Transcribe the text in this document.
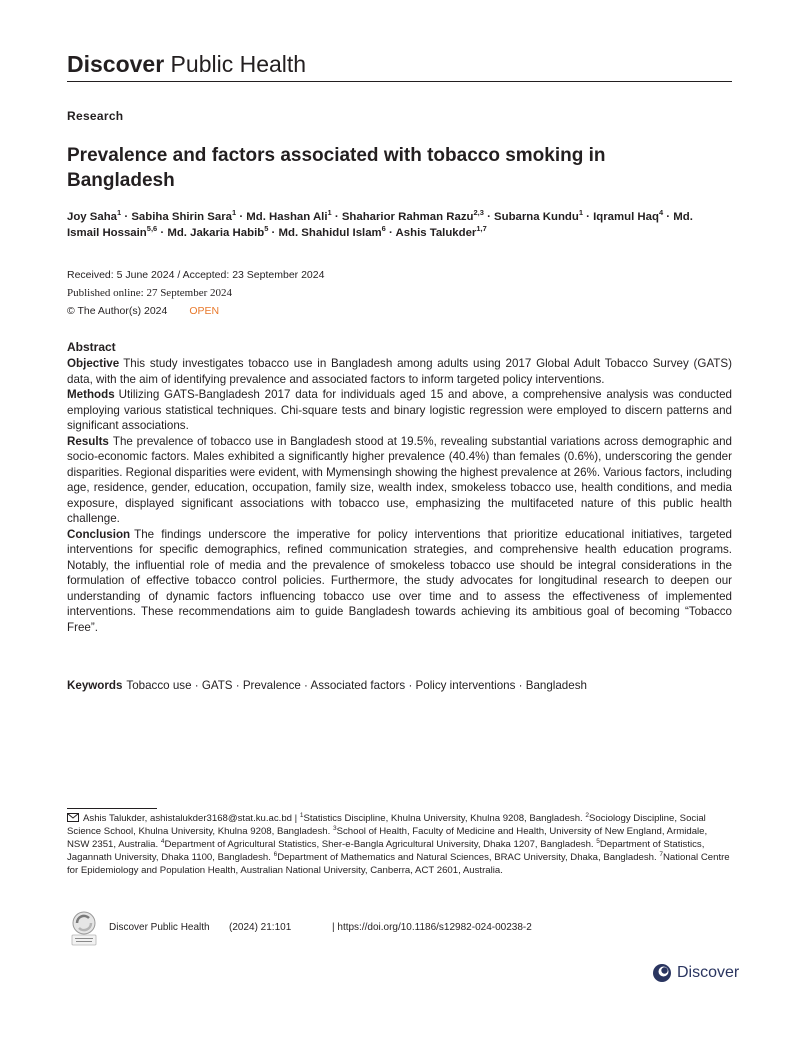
Discover Public Health
Research
Prevalence and factors associated with tobacco smoking in Bangladesh
Joy Saha$^1$ · Sabiha Shirin Sara$^1$ · Md. Hashan Ali$^1$ · Shaharior Rahman Razu$^{2,3}$ · Subarna Kundu$^1$ · Iqramul Haq$^4$ · Md. Ismail Hossain$^{5,6}$ · Md. Jakaria Habib$^5$ · Md. Shahidul Islam$^6$ · Ashis Talukder$^{1,7}$
Received: 5 June 2024 / Accepted: 23 September 2024
Published online: 27 September 2024
© The Author(s) 2024 OPEN
Abstract

Objective This study investigates tobacco use in Bangladesh among adults using 2017 Global Adult Tobacco Survey (GATS) data, with the aim of identifying prevalence and associated factors to inform targeted policy interventions.

Methods Utilizing GATS-Bangladesh 2017 data for individuals aged 15 and above, a comprehensive analysis was conducted employing various statistical techniques. Chi-square tests and binary logistic regression were employed to discern patterns and significant associations.

Results The prevalence of tobacco use in Bangladesh stood at 19.5%, revealing substantial variations across demographic and socio-economic factors. Males exhibited a significantly higher prevalence (40.4%) than females (0.6%), underscoring the gender disparities. Regional disparities were evident, with Mymensingh showing the highest prevalence at 26%. Various factors, including age, residence, gender, education, occupation, family size, wealth index, smokeless tobacco use, health conditions, and media exposure, displayed significant associations with tobacco use, emphasizing the multifaceted nature of this public health challenge.

Conclusion The findings underscore the imperative for policy interventions that prioritize educational initiatives, targeted interventions for specific demographics, refined communication strategies, and comprehensive health education programs. Notably, the influential role of media and the prevalence of smokeless tobacco use should be integral considerations in the formulation of effective tobacco control policies. Furthermore, the study advocates for longitudinal research to deepen our understanding of dynamic factors influencing tobacco use over time and to assess the effectiveness of implemented interventions. These recommendations aim to guide Bangladesh towards achieving its ambitious goal of becoming “Tobacco Free”.

Keywords Tobacco use · GATS · Prevalence · Associated factors · Policy interventions · Bangladesh
Ashis Talukder, ashistalukder3168@stat.ku.ac.bd | $^1$Statistics Discipline, Khulna University, Khulna 9208, Bangladesh. $^2$Sociology Discipline, Social Science School, Khulna University, Khulna 9208, Bangladesh. $^3$School of Health, Faculty of Medicine and Health, University of New England, Armidale, NSW 2351, Australia. $^4$Department of Agricultural Statistics, Sher-e-Bangla Agricultural University, Dhaka 1207, Bangladesh. $^5$Department of Statistics, Jagannath University, Dhaka 1100, Bangladesh. $^6$Department of Mathematics and Natural Sciences, BRAC University, Dhaka, Bangladesh. $^7$National Centre for Epidemiology and Population Health, Australian National University, Canberra, ACT 2601, Australia.
Discover Public Health (2024) 21:101	| https://doi.org/10.1186/s12982-024-00238-2
Discover
